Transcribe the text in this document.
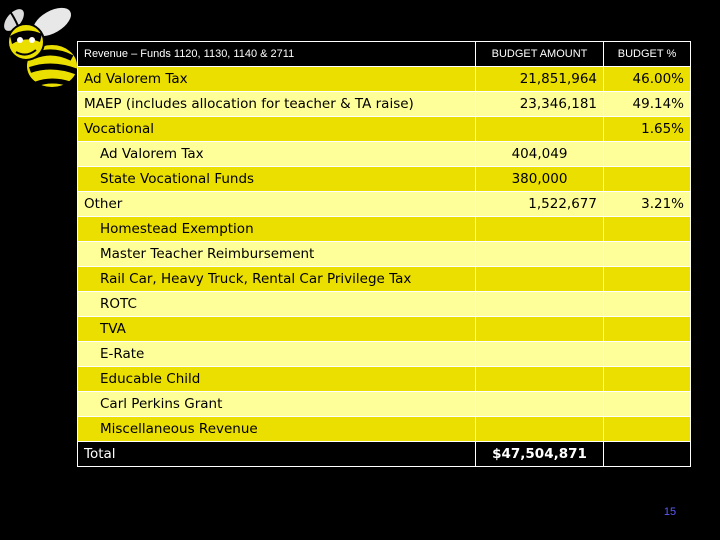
Revenue – Funds 1120, 1130, 1140 & 2711	BUDGET AMOUNT	BUDGET %
Ad Valorem Tax	21,851,964	46.00%
MAEP (includes allocation for teacher & TA raise)	23,346,181	49.14%
Vocational		1.65%
Ad Valorem Tax	404,049	
State Vocational Funds	380,000	
Other	1,522,677	3.21%
Homestead Exemption		
Master Teacher Reimbursement		
Rail Car, Heavy Truck, Rental Car Privilege Tax		
ROTC		
TVA		
E-Rate		
Educable Child		
Carl Perkins Grant		
Miscellaneous Revenue		
Total	$47,504,871	
15
